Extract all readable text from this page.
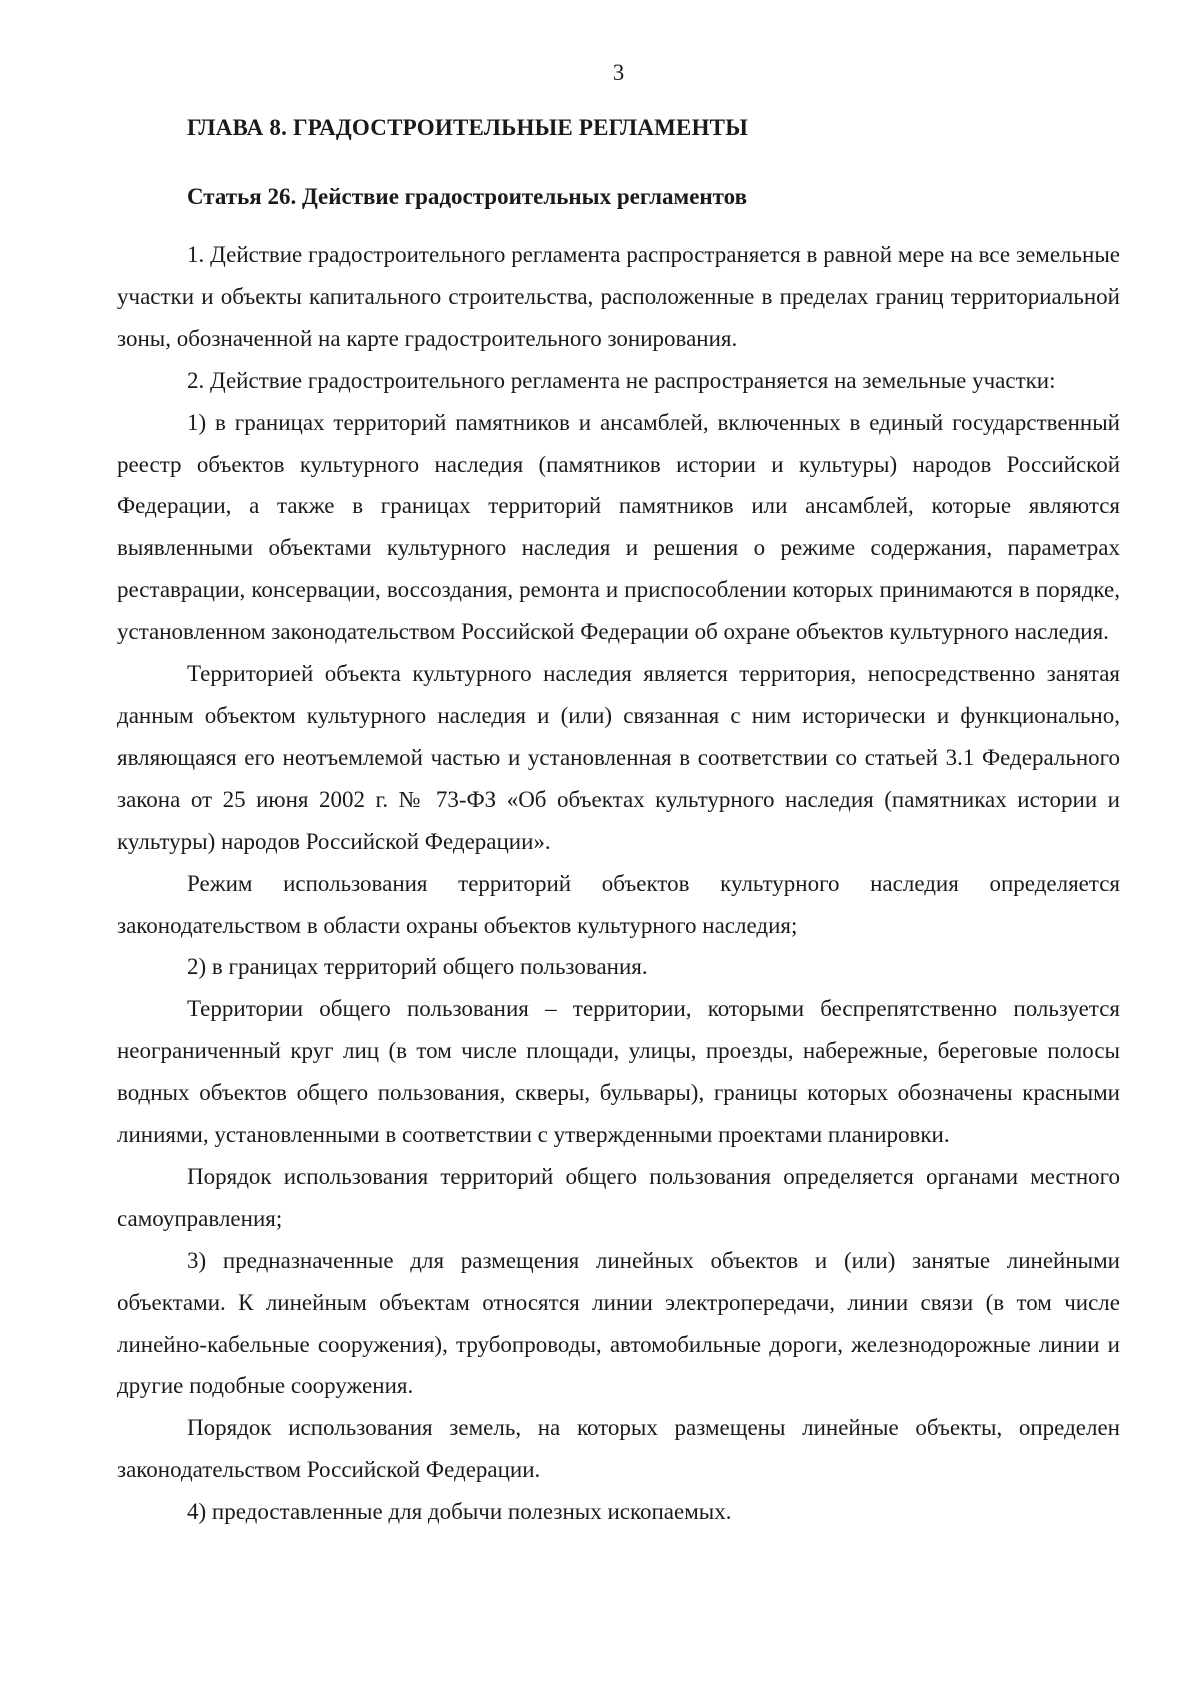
3
ГЛАВА 8. ГРАДОСТРОИТЕЛЬНЫЕ РЕГЛАМЕНТЫ
Статья 26. Действие градостроительных регламентов

1. Действие градостроительного регламента распространяется в равной мере на все земельные участки и объекты капитального строительства, расположенные в пределах границ территориальной зоны, обозначенной на карте градостроительного зонирования.

2. Действие градостроительного регламента не распространяется на земельные участки:

1) в границах территорий памятников и ансамблей, включенных в единый государственный реестр объектов культурного наследия (памятников истории и культуры) народов Российской Федерации, а также в границах территорий памятников или ансамблей, которые являются выявленными объектами культурного наследия и решения о режиме содержания, параметрах реставрации, консервации, воссоздания, ремонта и приспособлении которых принимаются в порядке, установленном законодательством Российской Федерации об охране объектов культурного наследия.

Территорией объекта культурного наследия является территория, непосредственно занятая данным объектом культурного наследия и (или) связанная с ним исторически и функционально, являющаяся его неотъемлемой частью и установленная в соответствии со статьей 3.1 Федерального закона от 25 июня 2002 г. № 73-ФЗ «Об объектах культурного наследия (памятниках истории и культуры) народов Российской Федерации».

Режим использования территорий объектов культурного наследия определяется законодательством в области охраны объектов культурного наследия;

2) в границах территорий общего пользования.

Территории общего пользования – территории, которыми беспрепятственно пользуется неограниченный круг лиц (в том числе площади, улицы, проезды, набережные, береговые полосы водных объектов общего пользования, скверы, бульвары), границы которых обозначены красными линиями, установленными в соответствии с утвержденными проектами планировки.

Порядок использования территорий общего пользования определяется органами местного самоуправления;

3) предназначенные для размещения линейных объектов и (или) занятые линейными объектами. К линейным объектам относятся линии электропередачи, линии связи (в том числе линейно-кабельные сооружения), трубопроводы, автомобильные дороги, железнодорожные линии и другие подобные сооружения.

Порядок использования земель, на которых размещены линейные объекты, определен законодательством Российской Федерации.

4) предоставленные для добычи полезных ископаемых.
